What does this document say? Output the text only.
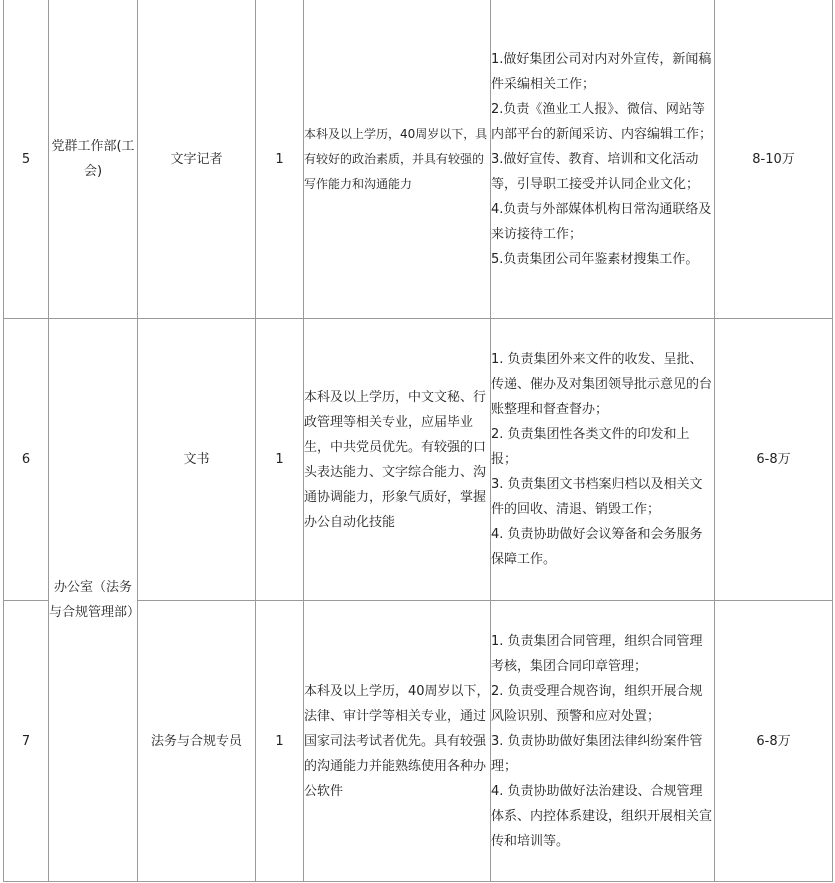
5	党群工作部(工会)	文字记者	1	本科及以上学历，40周岁以下，具有较好的政治素质，并具有较强的写作能力和沟通能力	1.做好集团公司对内对外宣传，新闻稿件采编相关工作；
2.负责《渔业工人报》、微信、网站等内部平台的新闻采访、内容编辑工作；
3.做好宣传、教育、培训和文化活动等，引导职工接受并认同企业文化；
4.负责与外部媒体机构日常沟通联络及来访接待工作；
5.负责集团公司年鉴素材搜集工作。	8-10万
6	办公室（法务与合规管理部）	文书	1	本科及以上学历，中文文秘、行政管理等相关专业，应届毕业生，中共党员优先。有较强的口头表达能力、文字综合能力、沟通协调能力，形象气质好，掌握办公自动化技能	1. 负责集团外来文件的收发、呈批、传递、催办及对集团领导批示意见的台账整理和督查督办；
2. 负责集团性各类文件的印发和上报；
3. 负责集团文书档案归档以及相关文件的回收、清退、销毁工作；
4. 负责协助做好会议筹备和会务服务保障工作。	6-8万
7		法务与合规专员	1	本科及以上学历，40周岁以下，法律、审计学等相关专业，通过国家司法考试者优先。具有较强的沟通能力并能熟练使用各种办公软件	1. 负责集团合同管理，组织合同管理考核，集团合同印章管理；
2. 负责受理合规咨询，组织开展合规风险识别、预警和应对处置；
3. 负责协助做好集团法律纠纷案件管理；
4. 负责协助做好法治建设、合规管理体系、内控体系建设，组织开展相关宣传和培训等。	6-8万
